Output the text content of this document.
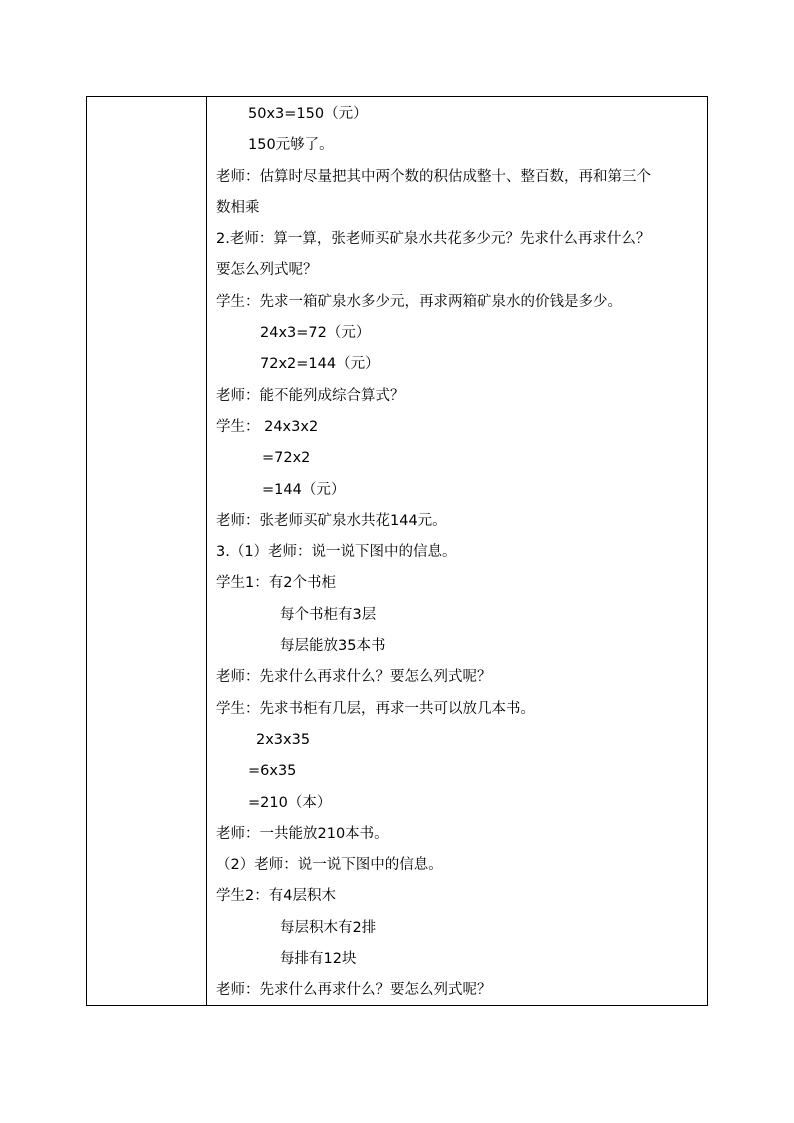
50x3=150（元）
150元够了。
老师：估算时尽量把其中两个数的积估成整十、整百数，再和第三个
数相乘
2.老师：算一算，张老师买矿泉水共花多少元？先求什么再求什么？
要怎么列式呢？
学生：先求一箱矿泉水多少元，再求两箱矿泉水的价钱是多少。
24x3=72（元）
72x2=144（元）
老师：能不能列成综合算式？
学生： 24x3x2
=72x2
=144（元）
老师：张老师买矿泉水共花144元。
3.（1）老师：说一说下图中的信息。
学生1：有2个书柜
每个书柜有3层
每层能放35本书
老师：先求什么再求什么？要怎么列式呢？
学生：先求书柜有几层，再求一共可以放几本书。
2x3x35
=6x35
=210（本）
老师：一共能放210本书。
（2）老师：说一说下图中的信息。
学生2：有4层积木
每层积木有2排
每排有12块
老师：先求什么再求什么？要怎么列式呢？
